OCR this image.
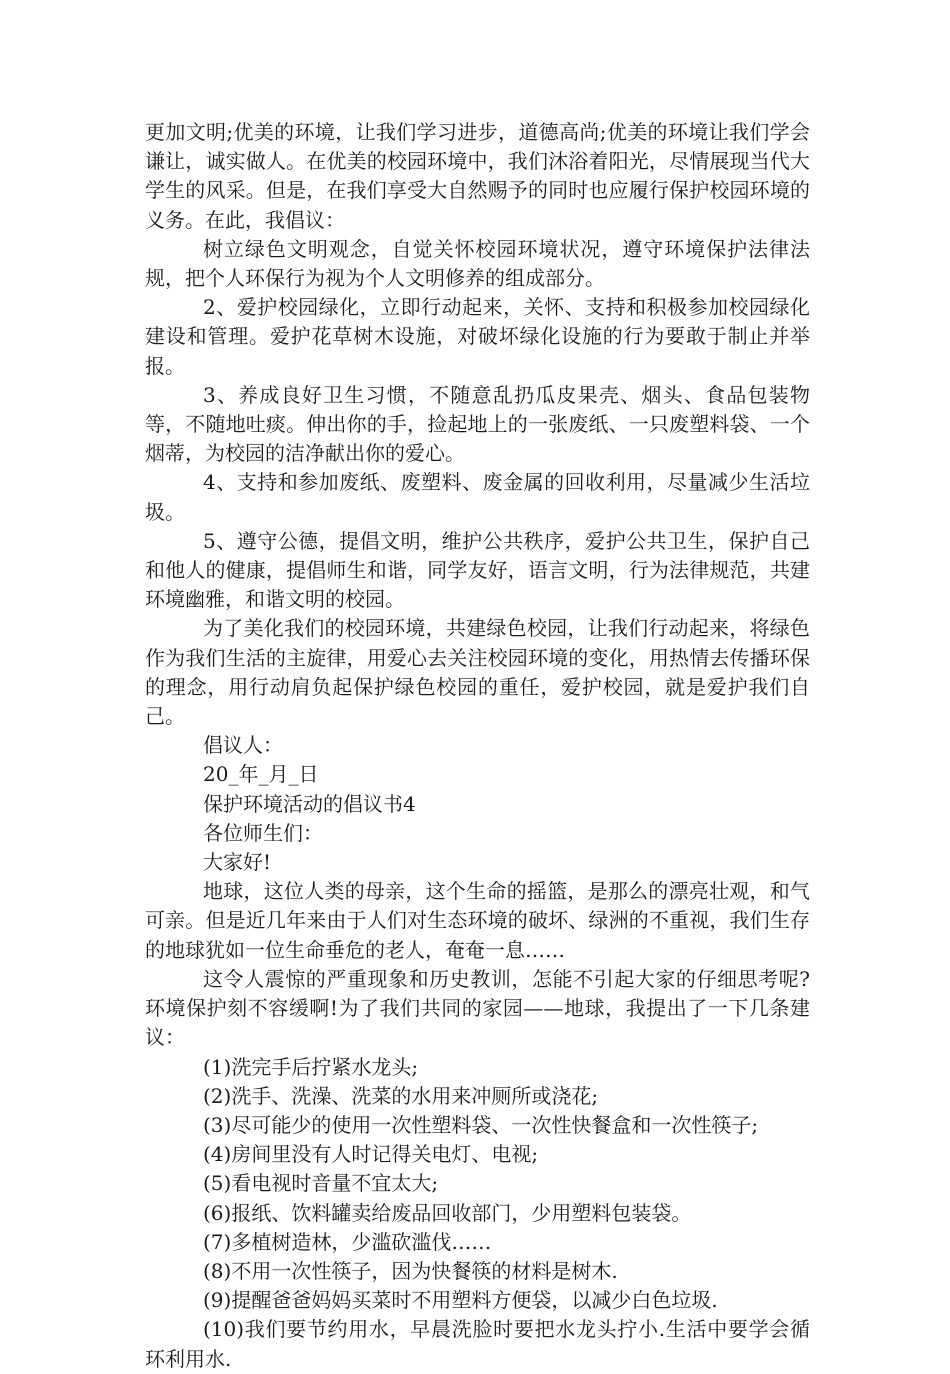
更加文明;优美的环境，让我们学习进步，道德高尚;优美的环境让我们学会谦让，诚实做人。在优美的校园环境中，我们沐浴着阳光，尽情展现当代大学生的风采。但是，在我们享受大自然赐予的同时也应履行保护校园环境的义务。在此，我倡议：

树立绿色文明观念，自觉关怀校园环境状况，遵守环境保护法律法规，把个人环保行为视为个人文明修养的组成部分。

2、爱护校园绿化，立即行动起来，关怀、支持和积极参加校园绿化建设和管理。爱护花草树木设施，对破坏绿化设施的行为要敢于制止并举报。

3、养成良好卫生习惯，不随意乱扔瓜皮果壳、烟头、食品包装物等，不随地吐痰。伸出你的手，捡起地上的一张废纸、一只废塑料袋、一个烟蒂，为校园的洁净献出你的爱心。

4、支持和参加废纸、废塑料、废金属的回收利用，尽量减少生活垃圾。

5、遵守公德，提倡文明，维护公共秩序，爱护公共卫生，保护自己和他人的健康，提倡师生和谐，同学友好，语言文明，行为法律规范，共建环境幽雅，和谐文明的校园。

为了美化我们的校园环境，共建绿色校园，让我们行动起来，将绿色作为我们生活的主旋律，用爱心去关注校园环境的变化，用热情去传播环保的理念，用行动肩负起保护绿色校园的重任，爱护校园，就是爱护我们自己。

倡议人：

20_年_月_日

保护环境活动的倡议书4

各位师生们：

大家好!

地球，这位人类的母亲，这个生命的摇篮，是那么的漂亮壮观，和气可亲。但是近几年来由于人们对生态环境的破坏、绿洲的不重视，我们生存的地球犹如一位生命垂危的老人，奄奄一息……

这令人震惊的严重现象和历史教训，怎能不引起大家的仔细思考呢?环境保护刻不容缓啊!为了我们共同的家园——地球，我提出了一下几条建议：

(1)洗完手后拧紧水龙头;

(2)洗手、洗澡、洗菜的水用来冲厕所或浇花;

(3)尽可能少的使用一次性塑料袋、一次性快餐盒和一次性筷子;

(4)房间里没有人时记得关电灯、电视;

(5)看电视时音量不宜太大;

(6)报纸、饮料罐卖给废品回收部门，少用塑料包装袋。

(7)多植树造林，少滥砍滥伐……

(8)不用一次性筷子，因为快餐筷的材料是树木.

(9)提醒爸爸妈妈买菜时不用塑料方便袋，以减少白色垃圾.

(10)我们要节约用水，早晨洗脸时要把水龙头拧小.生活中要学会循环利用水.
